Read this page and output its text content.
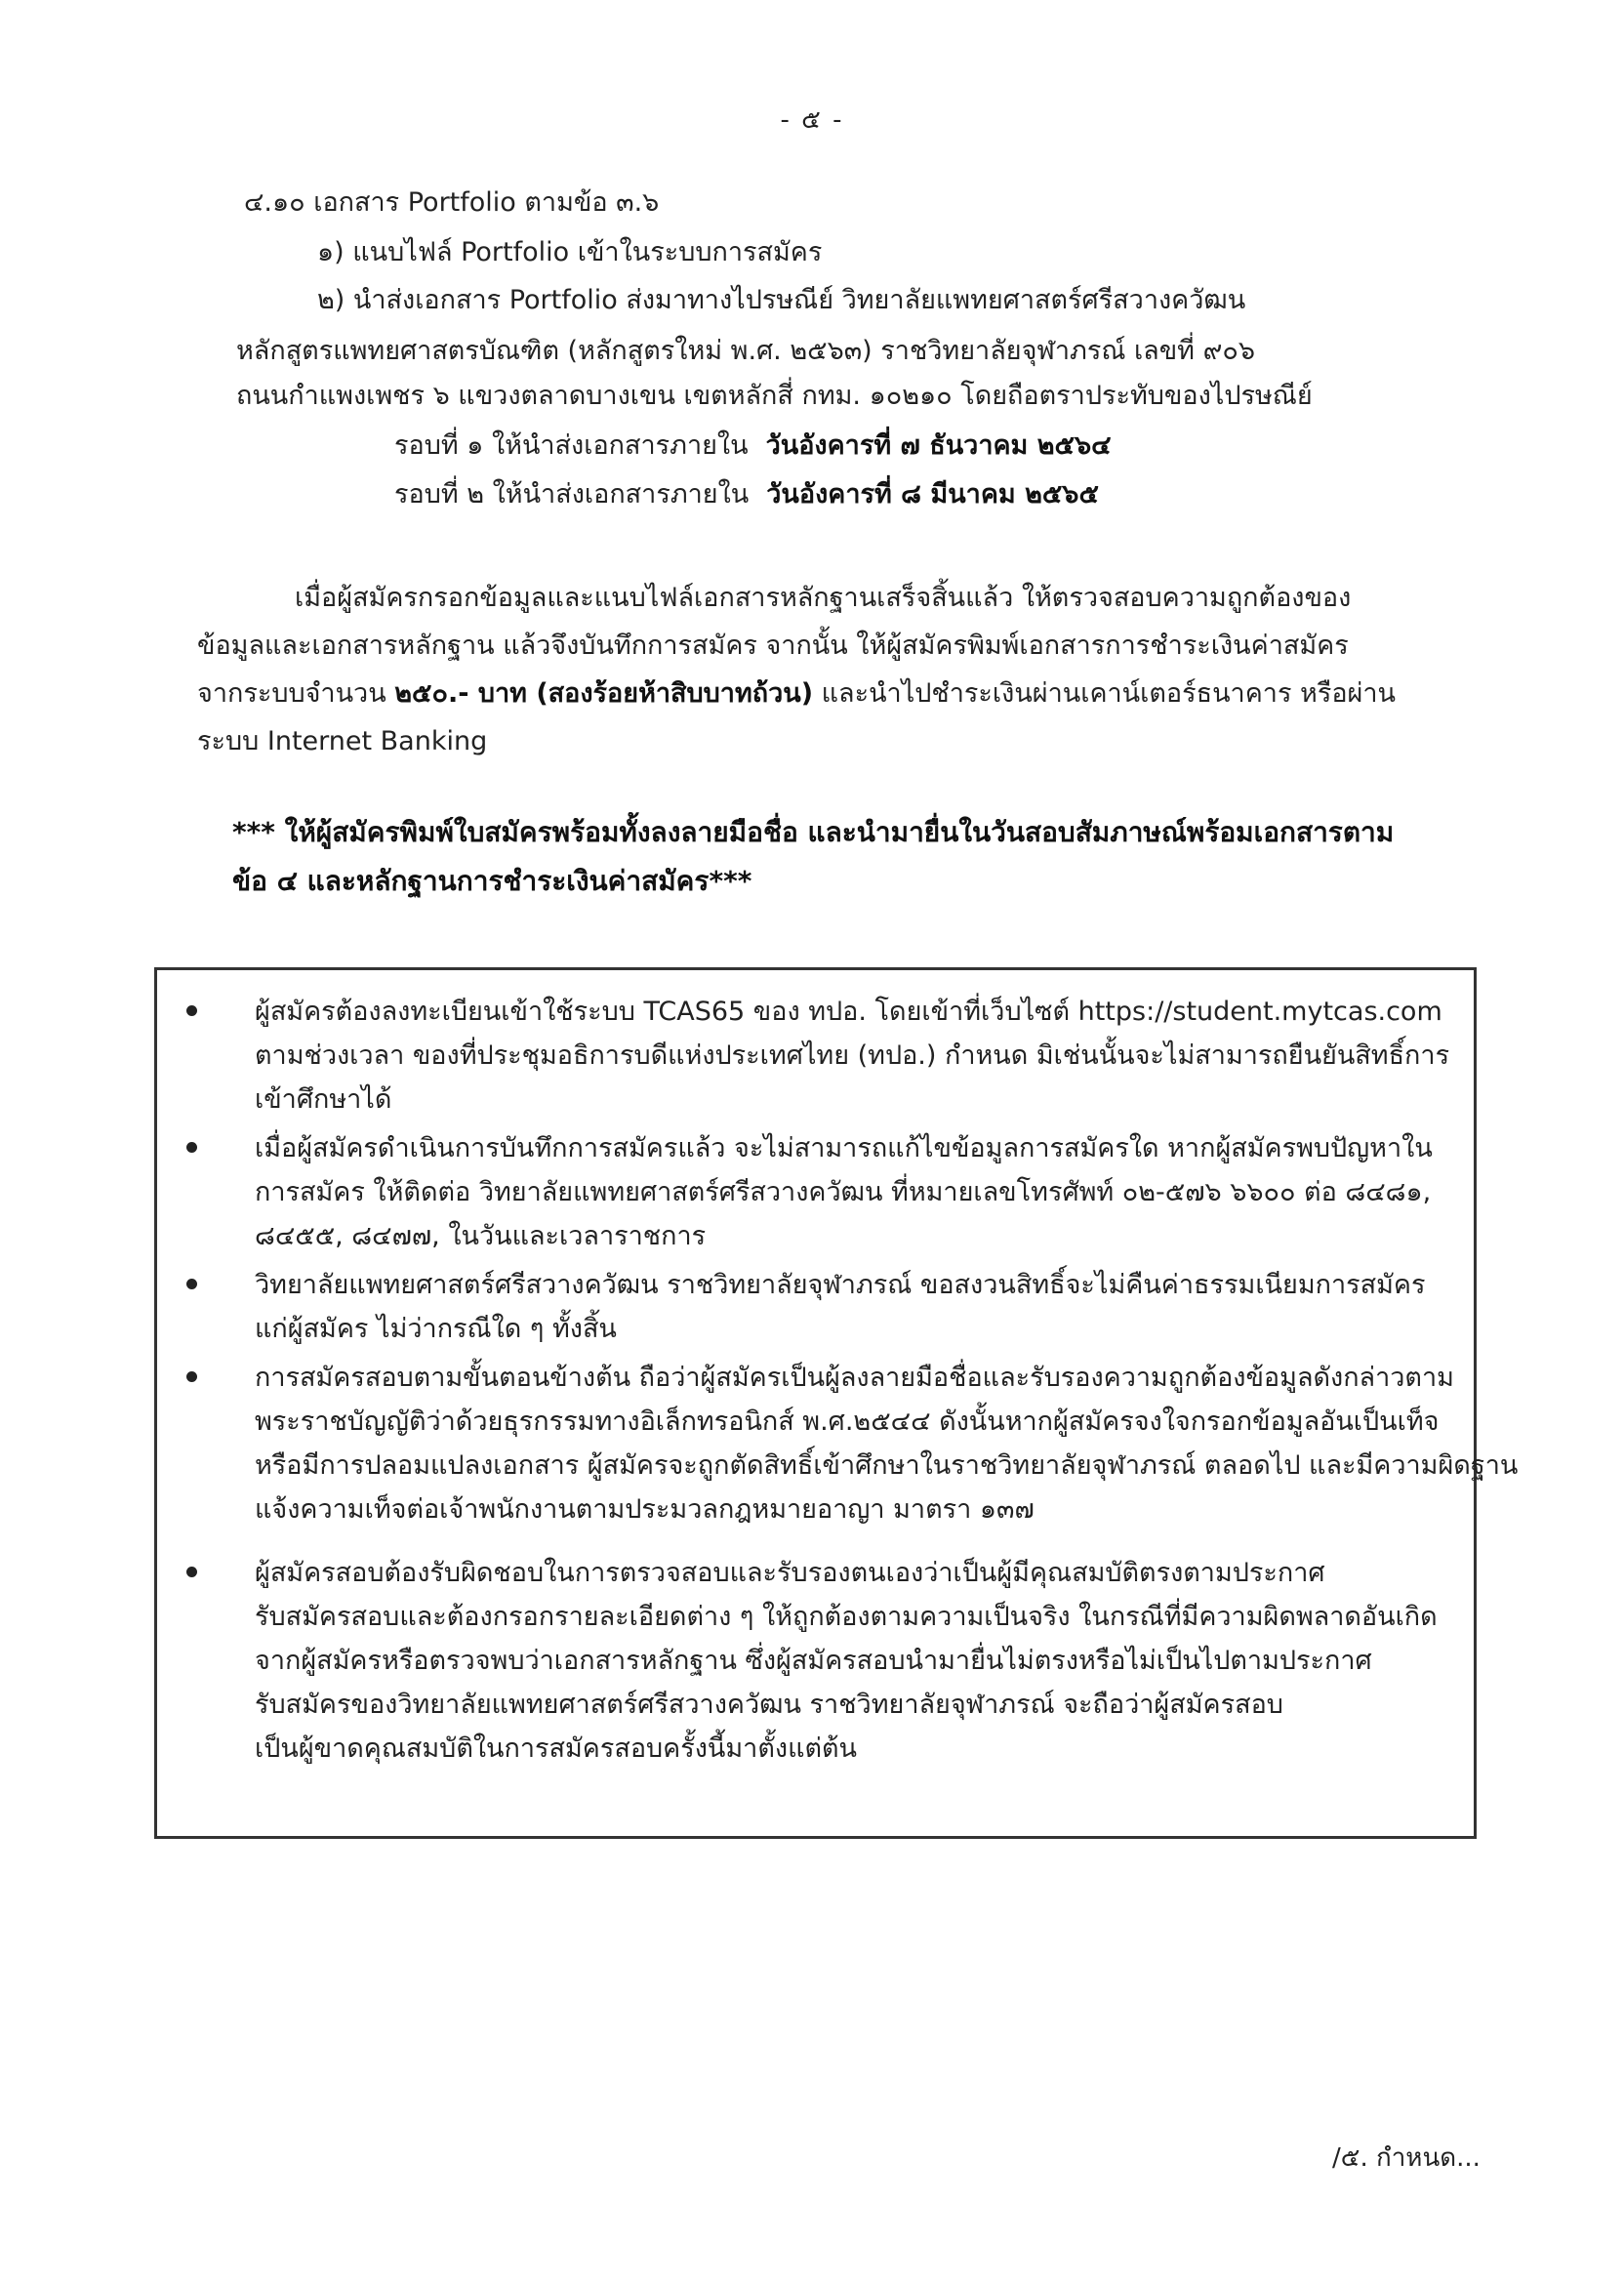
- ๕ -
๔.๑๐ เอกสาร Portfolio ตามข้อ ๓.๖
๑) แนบไฟล์ Portfolio เข้าในระบบการสมัคร
๒) นำส่งเอกสาร Portfolio ส่งมาทางไปรษณีย์ วิทยาลัยแพทยศาสตร์ศรีสวางควัฒน
หลักสูตรแพทยศาสตรบัณฑิต (หลักสูตรใหม่ พ.ศ. ๒๕๖๓) ราชวิทยาลัยจุฬาภรณ์ เลขที่ ๙๐๖
ถนนกำแพงเพชร ๖ แขวงตลาดบางเขน เขตหลักสี่ กทม. ๑๐๒๑๐ โดยถือตราประทับของไปรษณีย์
รอบที่ ๑ ให้นำส่งเอกสารภายใน วันอังคารที่ ๗ ธันวาคม ๒๕๖๔
รอบที่ ๒ ให้นำส่งเอกสารภายใน วันอังคารที่ ๘ มีนาคม ๒๕๖๕
เมื่อผู้สมัครกรอกข้อมูลและแนบไฟล์เอกสารหลักฐานเสร็จสิ้นแล้ว ให้ตรวจสอบความถูกต้องของ
ข้อมูลและเอกสารหลักฐาน แล้วจึงบันทึกการสมัคร จากนั้น ให้ผู้สมัครพิมพ์เอกสารการชำระเงินค่าสมัคร
จากระบบจำนวน ๒๕๐.- บาท (สองร้อยห้าสิบบาทถ้วน) และนำไปชำระเงินผ่านเคาน์เตอร์ธนาคาร หรือผ่าน
ระบบ Internet Banking
*** ให้ผู้สมัครพิมพ์ใบสมัครพร้อมทั้งลงลายมือชื่อ และนำมายื่นในวันสอบสัมภาษณ์พร้อมเอกสารตาม
ข้อ ๔ และหลักฐานการชำระเงินค่าสมัคร***
ผู้สมัครต้องลงทะเบียนเข้าใช้ระบบ TCAS65 ของ ทปอ. โดยเข้าที่เว็บไซต์ https://student.mytcas.com
ตามช่วงเวลา ของที่ประชุมอธิการบดีแห่งประเทศไทย (ทปอ.) กำหนด มิเช่นนั้นจะไม่สามารถยืนยันสิทธิ์การ
เข้าศึกษาได้
เมื่อผู้สมัครดำเนินการบันทึกการสมัครแล้ว จะไม่สามารถแก้ไขข้อมูลการสมัครใด หากผู้สมัครพบปัญหาใน
การสมัคร ให้ติดต่อ วิทยาลัยแพทยศาสตร์ศรีสวางควัฒน ที่หมายเลขโทรศัพท์ ๐๒-๕๗๖ ๖๖๐๐ ต่อ ๘๔๘๑,
๘๔๕๕, ๘๔๗๗, ในวันและเวลาราชการ
วิทยาลัยแพทยศาสตร์ศรีสวางควัฒน ราชวิทยาลัยจุฬาภรณ์ ขอสงวนสิทธิ์จะไม่คืนค่าธรรมเนียมการสมัคร
แก่ผู้สมัคร ไม่ว่ากรณีใด ๆ ทั้งสิ้น
การสมัครสอบตามขั้นตอนข้างต้น ถือว่าผู้สมัครเป็นผู้ลงลายมือชื่อและรับรองความถูกต้องข้อมูลดังกล่าวตาม
พระราชบัญญัติว่าด้วยธุรกรรมทางอิเล็กทรอนิกส์ พ.ศ.๒๕๔๔ ดังนั้นหากผู้สมัครจงใจกรอกข้อมูลอันเป็นเท็จ
หรือมีการปลอมแปลงเอกสาร ผู้สมัครจะถูกตัดสิทธิ์เข้าศึกษาในราชวิทยาลัยจุฬาภรณ์ ตลอดไป และมีความผิดฐาน
แจ้งความเท็จต่อเจ้าพนักงานตามประมวลกฎหมายอาญา มาตรา ๑๓๗
ผู้สมัครสอบต้องรับผิดชอบในการตรวจสอบและรับรองตนเองว่าเป็นผู้มีคุณสมบัติตรงตามประกาศ
รับสมัครสอบและต้องกรอกรายละเอียดต่าง ๆ ให้ถูกต้องตามความเป็นจริง ในกรณีที่มีความผิดพลาดอันเกิด
จากผู้สมัครหรือตรวจพบว่าเอกสารหลักฐาน ซึ่งผู้สมัครสอบนำมายื่นไม่ตรงหรือไม่เป็นไปตามประกาศ
รับสมัครของวิทยาลัยแพทยศาสตร์ศรีสวางควัฒน ราชวิทยาลัยจุฬาภรณ์ จะถือว่าผู้สมัครสอบ
เป็นผู้ขาดคุณสมบัติในการสมัครสอบครั้งนี้มาตั้งแต่ต้น
/๕. กำหนด...
